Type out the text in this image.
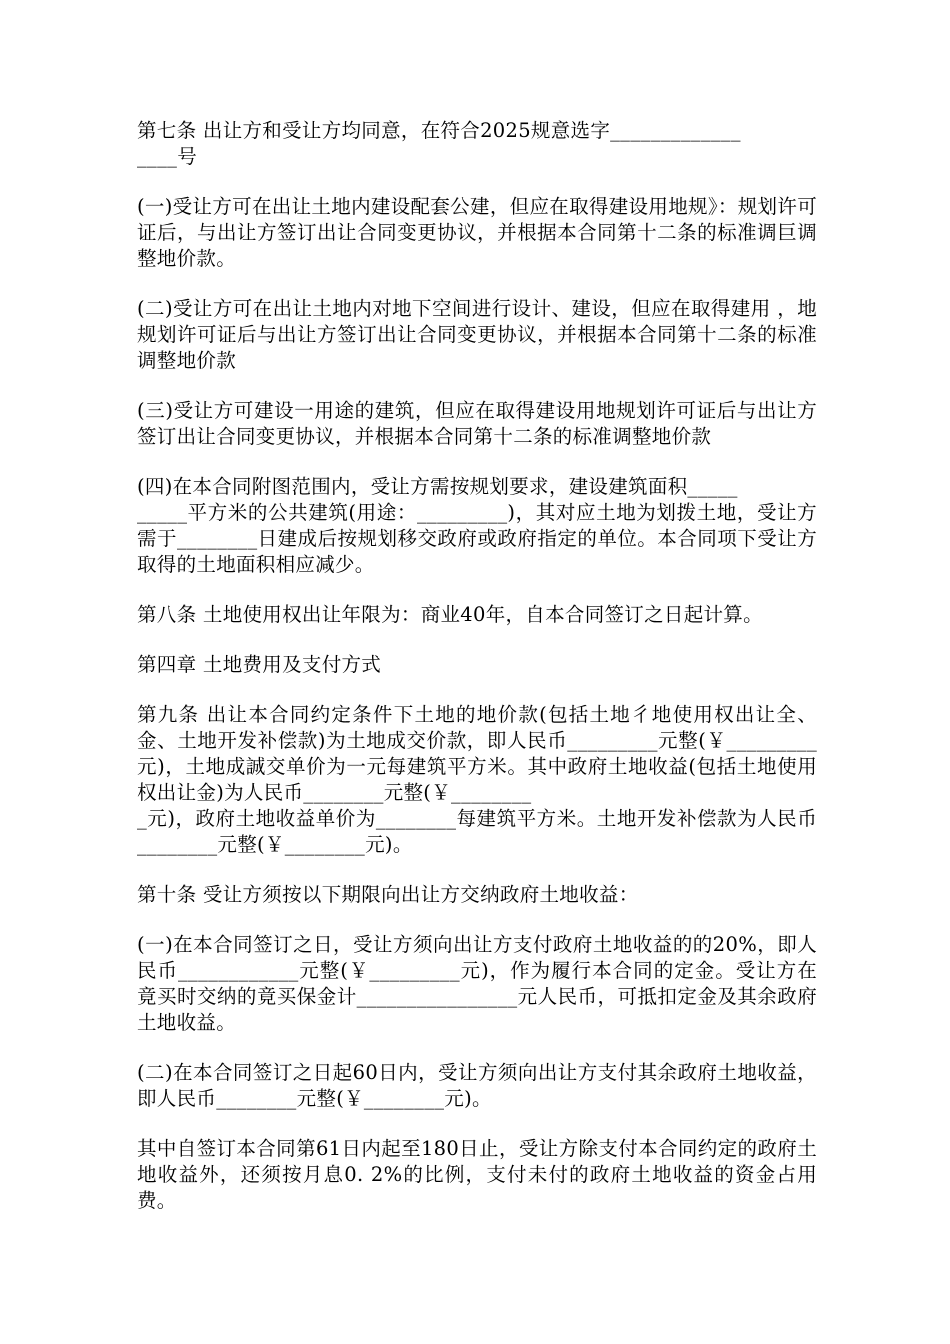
第七条 出让方和受让方均同意，在符合2025规意选字_____________
____号

(一)受让方可在出让土地内建设配套公建，但应在取得建设用地规》：规划许可证后，与出让方签订出让合同变更协议，并根据本合同第十二条的标准调巨调整地价款。

(二)受让方可在出让土地内对地下空间进行设计、建设，但应在取得建用 ，地规划许可证后与出让方签订出让合同变更协议，并根据本合同第十二条的标准调整地价款

(三)受让方可建设一用途的建筑，但应在取得建设用地规划许可证后与出让方签订出让合同变更协议，并根据本合同第十二条的标准调整地价款

(四)在本合同附图范围内，受让方需按规划要求，建设建筑面积_____
_____平方米的公共建筑(用途：_________)，其对应土地为划拨土地，受让方需于________日建成后按规划移交政府或政府指定的单位。本合同项下受让方取得的土地面积相应减少。

第八条 土地使用权出让年限为：商业40年，自本合同签订之日起计算。

第四章 土地费用及支付方式

第九条 出让本合同约定条件下土地的地价款(包括土地彳地使用权出让全、金、土地开发补偿款)为土地成交价款，即人民币_________元整(￥_________元)，土地成誠交单价为一元每建筑平方米。其中政府土地收益(包括土地使用权出让金)为人民币________元整(￥________
_元)，政府土地收益单价为________每建筑平方米。土地开发补偿款为人民币________元整(￥________元)。

第十条 受让方须按以下期限向出让方交纳政府土地收益：

(一)在本合同签订之日，受让方须向出让方支付政府土地收益的的20%，即人民币____________元整(￥_________元)，作为履行本合同的定金。受让方在竟买时交纳的竟买保金计________________元人民币，可抵扣定金及其余政府土地收益。

(二)在本合同签订之日起60日内，受让方须向出让方支付其余政府土地收益，即人民币________元整(￥________元)。

其中自签订本合同第61日内起至180日止，受让方除支付本合同约定的政府土地收益外，还须按月息0. 2%的比例，支付未付的政府土地收益的资金占用费。
